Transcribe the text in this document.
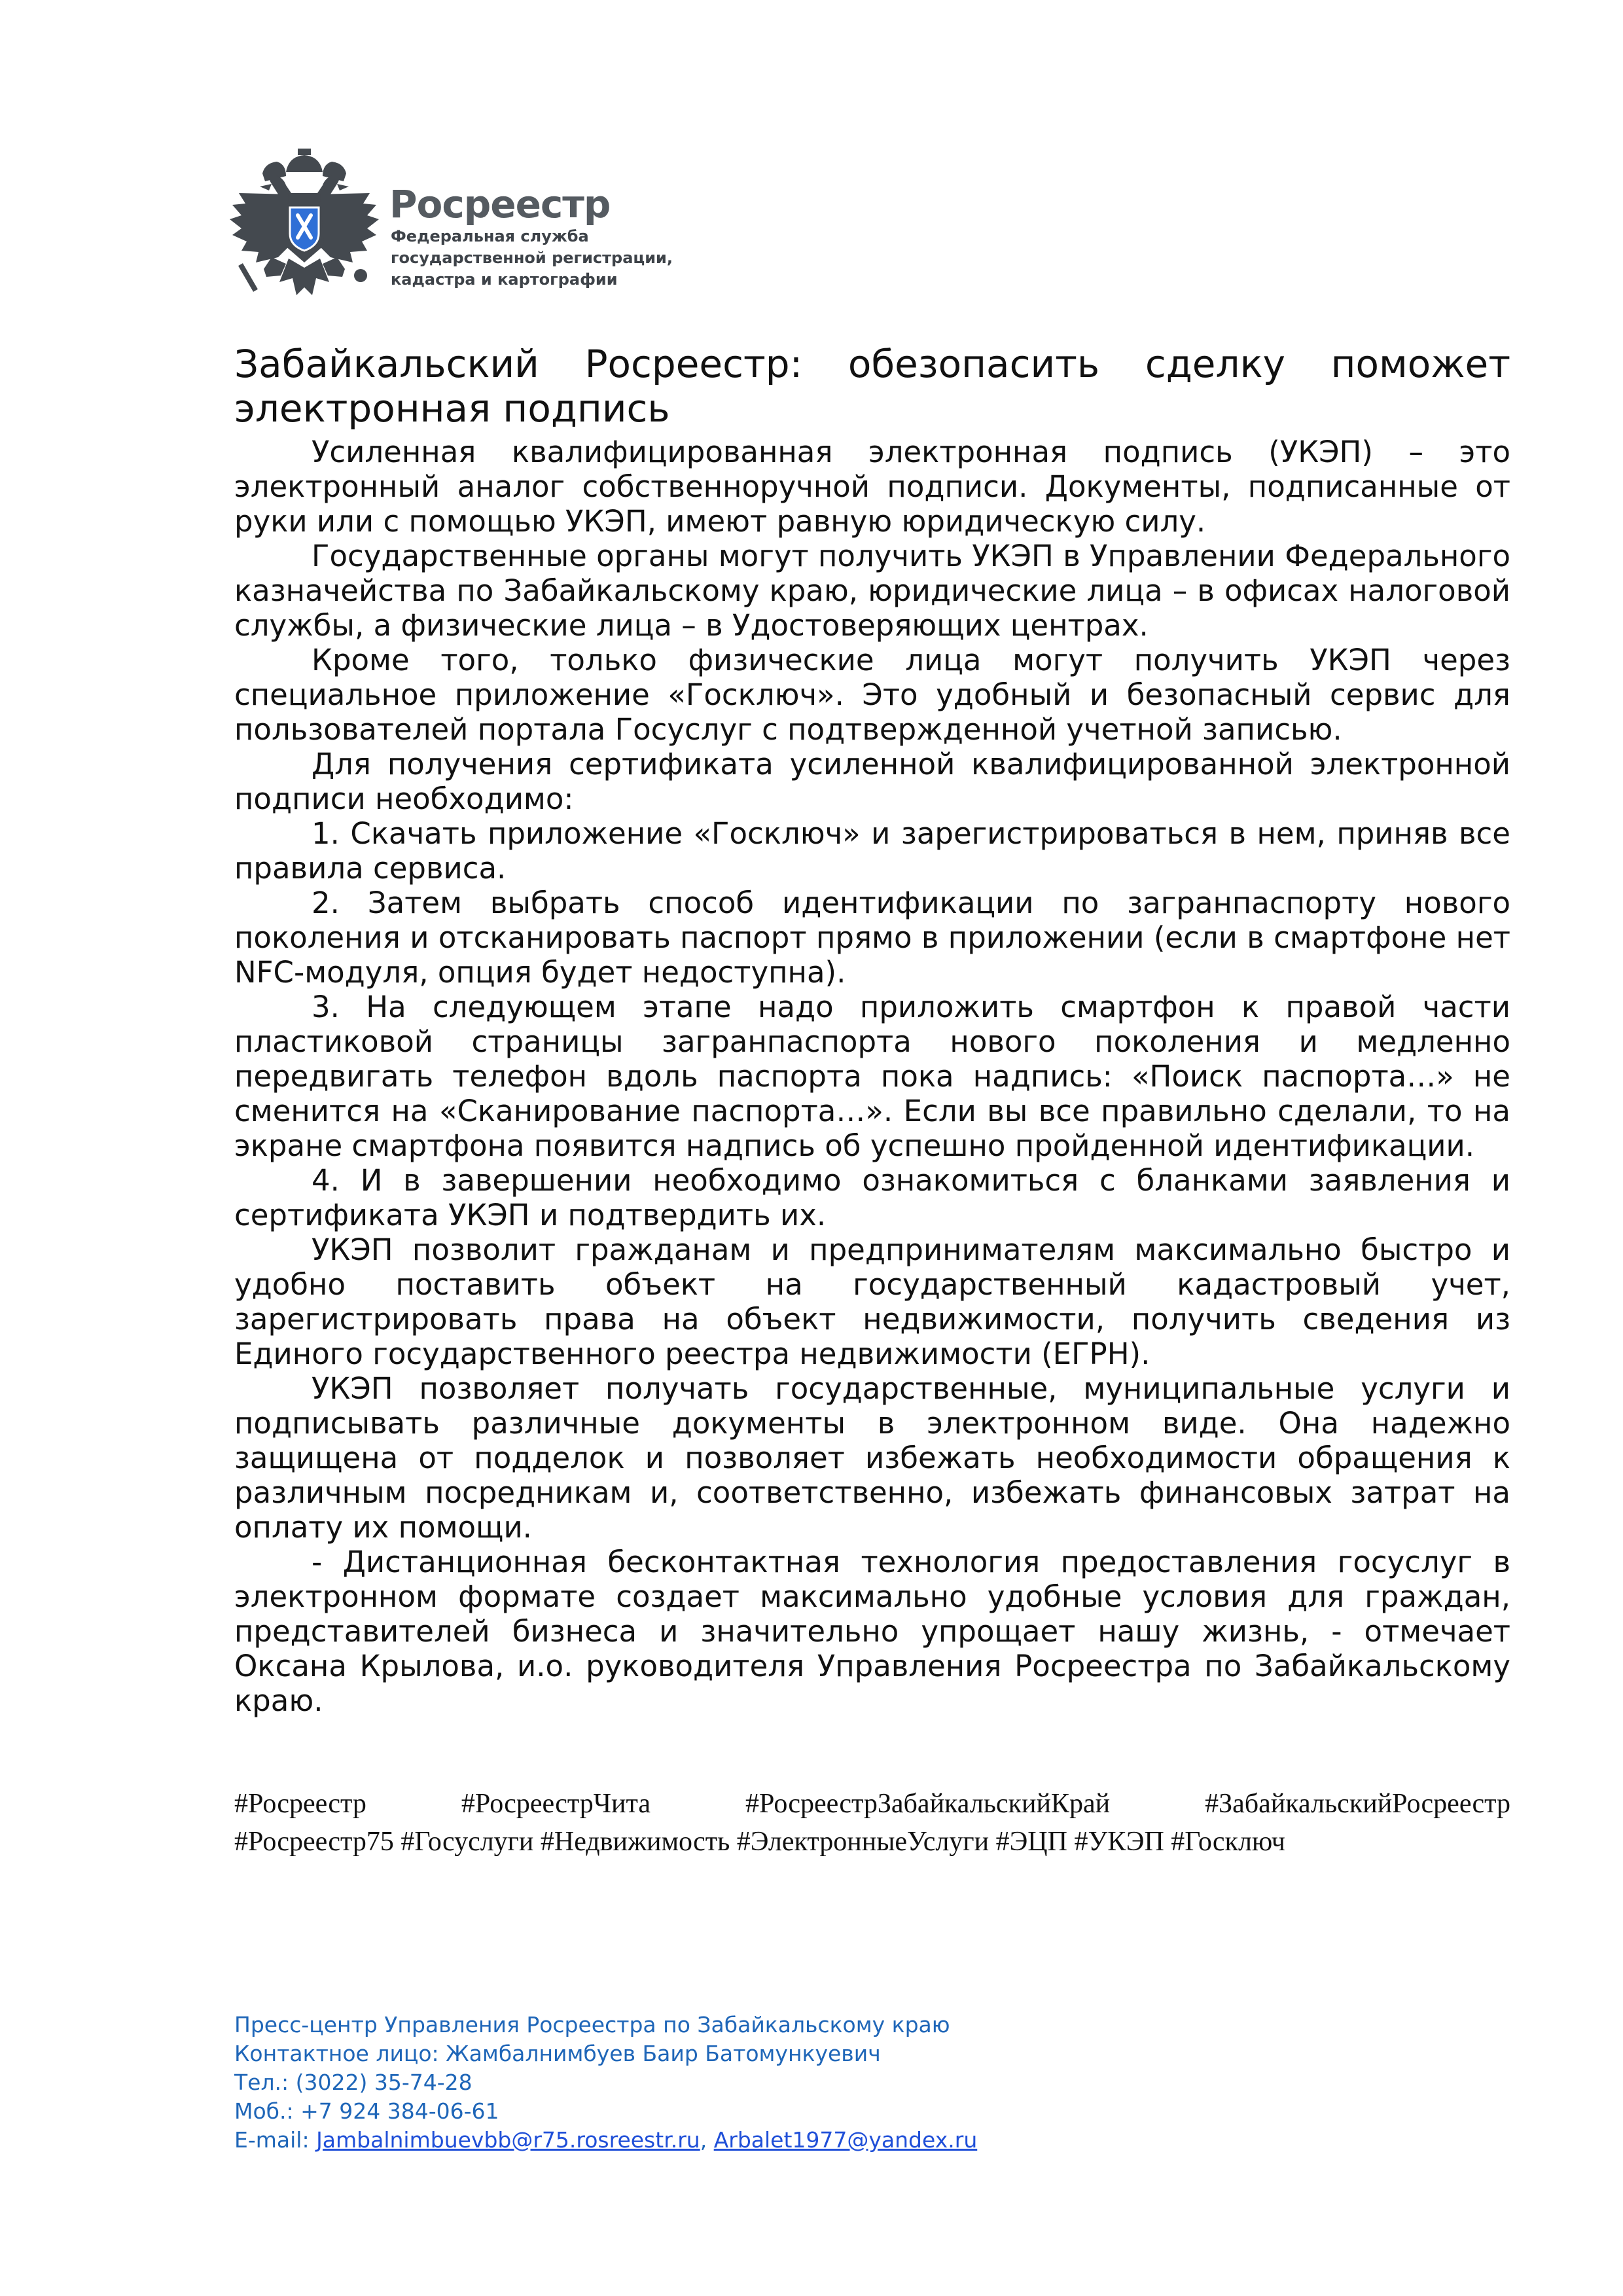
Росреестр
Федеральная служба
государственной регистрации,
кадастра и картографии
Забайкальский Росреестр: обезопасить сделку поможет электронная подпись

Усиленная квалифицированная электронная подпись (УКЭП) – это электронный аналог собственноручной подписи. Документы, подписанные от руки или с помощью УКЭП, имеют равную юридическую силу.

Государственные органы могут получить УКЭП в Управлении Федерального казначейства по Забайкальскому краю, юридические лица – в офисах налоговой службы, а физические лица – в Удостоверяющих центрах.

Кроме того, только физические лица могут получить УКЭП через специальное приложение «Госключ». Это удобный и безопасный сервис для пользователей портала Госуслуг с подтвержденной учетной записью.

Для получения сертификата усиленной квалифицированной электронной подписи необходимо:

1. Скачать приложение «Госключ» и зарегистрироваться в нем, приняв все правила сервиса.

2. Затем выбрать способ идентификации по загранпаспорту нового поколения и отсканировать паспорт прямо в приложении (если в смартфоне нет NFC-модуля, опция будет недоступна).

3. На следующем этапе надо приложить смартфон к правой части пластиковой страницы загранпаспорта нового поколения и медленно передвигать телефон вдоль паспорта пока надпись: «Поиск паспорта…» не сменится на «Сканирование паспорта…». Если вы все правильно сделали, то на экране смартфона появится надпись об успешно пройденной идентификации.

4. И в завершении необходимо ознакомиться с бланками заявления и сертификата УКЭП и подтвердить их.

УКЭП позволит гражданам и предпринимателям максимально быстро и удобно поставить объект на государственный кадастровый учет, зарегистрировать права на объект недвижимости, получить сведения из Единого государственного реестра недвижимости (ЕГРН).

УКЭП позволяет получать государственные, муниципальные услуги и подписывать различные документы в электронном виде. Она надежно защищена от подделок и позволяет избежать необходимости обращения к различным посредникам и, соответственно, избежать финансовых затрат на оплату их помощи.

- Дистанционная бесконтактная технология предоставления госуслуг в электронном формате создает максимально удобные условия для граждан, представителей бизнеса и значительно упрощает нашу жизнь, - отмечает Оксана Крылова, и.о. руководителя Управления Росреестра по Забайкальскому краю.

#Росреестр	#РосреестрЧита	#РосреестрЗабайкальскийКрай	#ЗабайкальскийРосреестр
#Росреестр75 #Госуслуги #Недвижимость #ЭлектронныеУслуги #ЭЦП #УКЭП #Госключ
Пресс-центр Управления Росреестра по Забайкальскому краю
Контактное лицо: Жамбалнимбуев Баир Батомункуевич
Тел.: (3022) 35-74-28
Моб.: +7 924 384-06-61
E-mail: Jambalnimbuevbb@r75.rosreestr.ru, Arbalet1977@yandex.ru
